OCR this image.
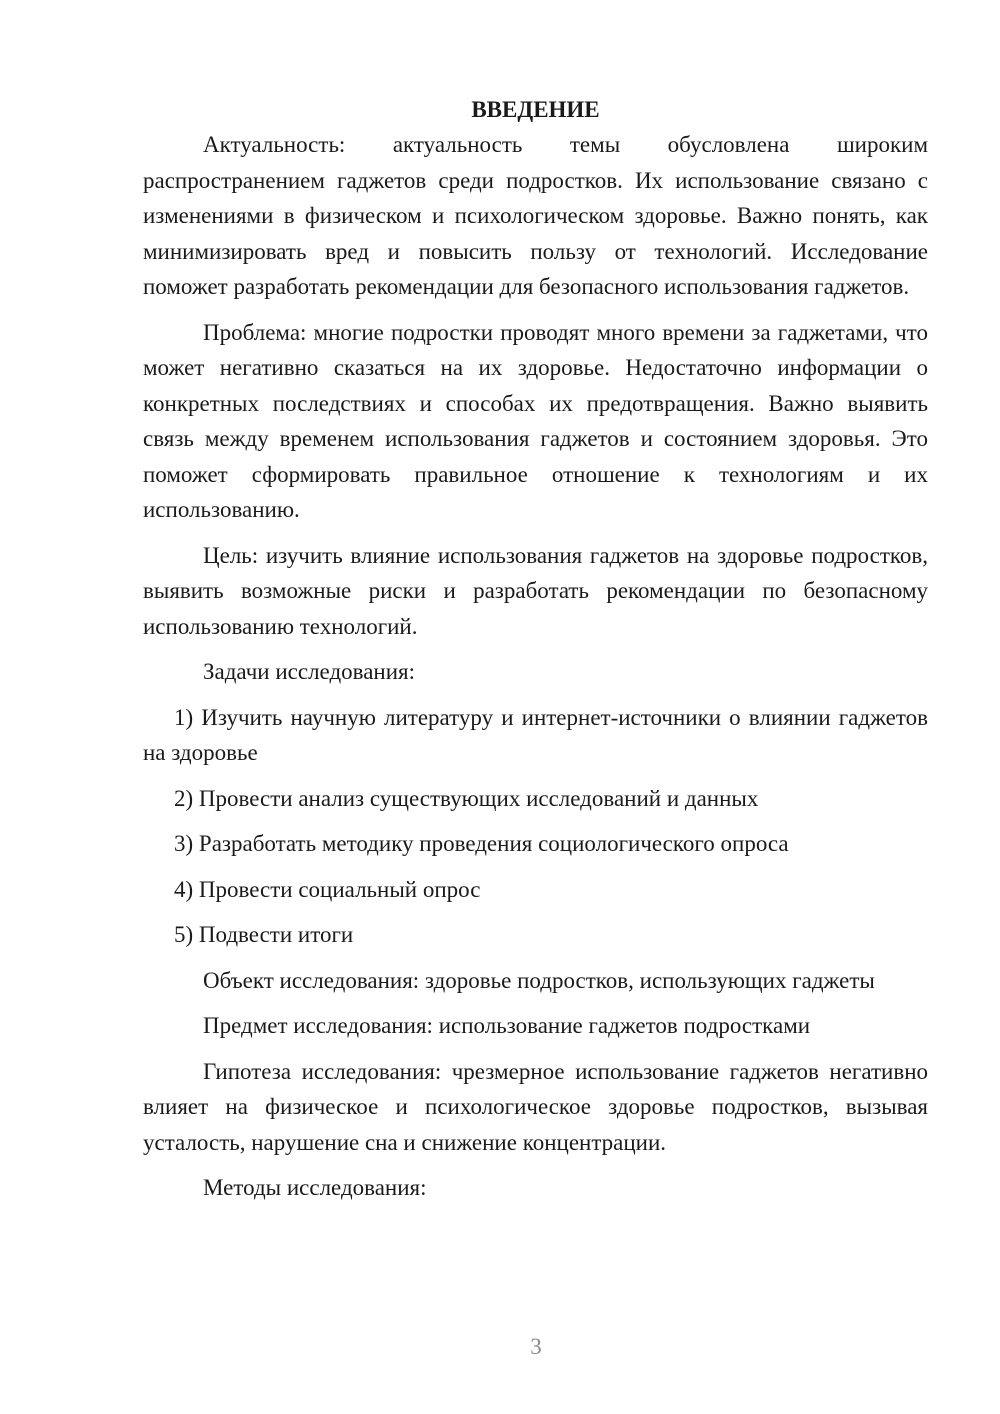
ВВЕДЕНИЕ

Актуальность: актуальность темы обусловлена широким распространением гаджетов среди подростков. Их использование связано с изменениями в физическом и психологическом здоровье. Важно понять, как минимизировать вред и повысить пользу от технологий. Исследование поможет разработать рекомендации для безопасного использования гаджетов.

Проблема: многие подростки проводят много времени за гаджетами, что может негативно сказаться на их здоровье. Недостаточно информации о конкретных последствиях и способах их предотвращения. Важно выявить связь между временем использования гаджетов и состоянием здоровья. Это поможет сформировать правильное отношение к технологиям и их использованию.

Цель: изучить влияние использования гаджетов на здоровье подростков, выявить возможные риски и разработать рекомендации по безопасному использованию технологий.

Задачи исследования:

1) Изучить научную литературу и интернет-источники о влиянии гаджетов на здоровье

2) Провести анализ существующих исследований и данных

3) Разработать методику проведения социологического опроса

4) Провести социальный опрос

5) Подвести итоги

Объект исследования: здоровье подростков, использующих гаджеты

Предмет исследования: использование гаджетов подростками

Гипотеза исследования: чрезмерное использование гаджетов негативно влияет на физическое и психологическое здоровье подростков, вызывая усталость, нарушение сна и снижение концентрации.

Методы исследования:

3
